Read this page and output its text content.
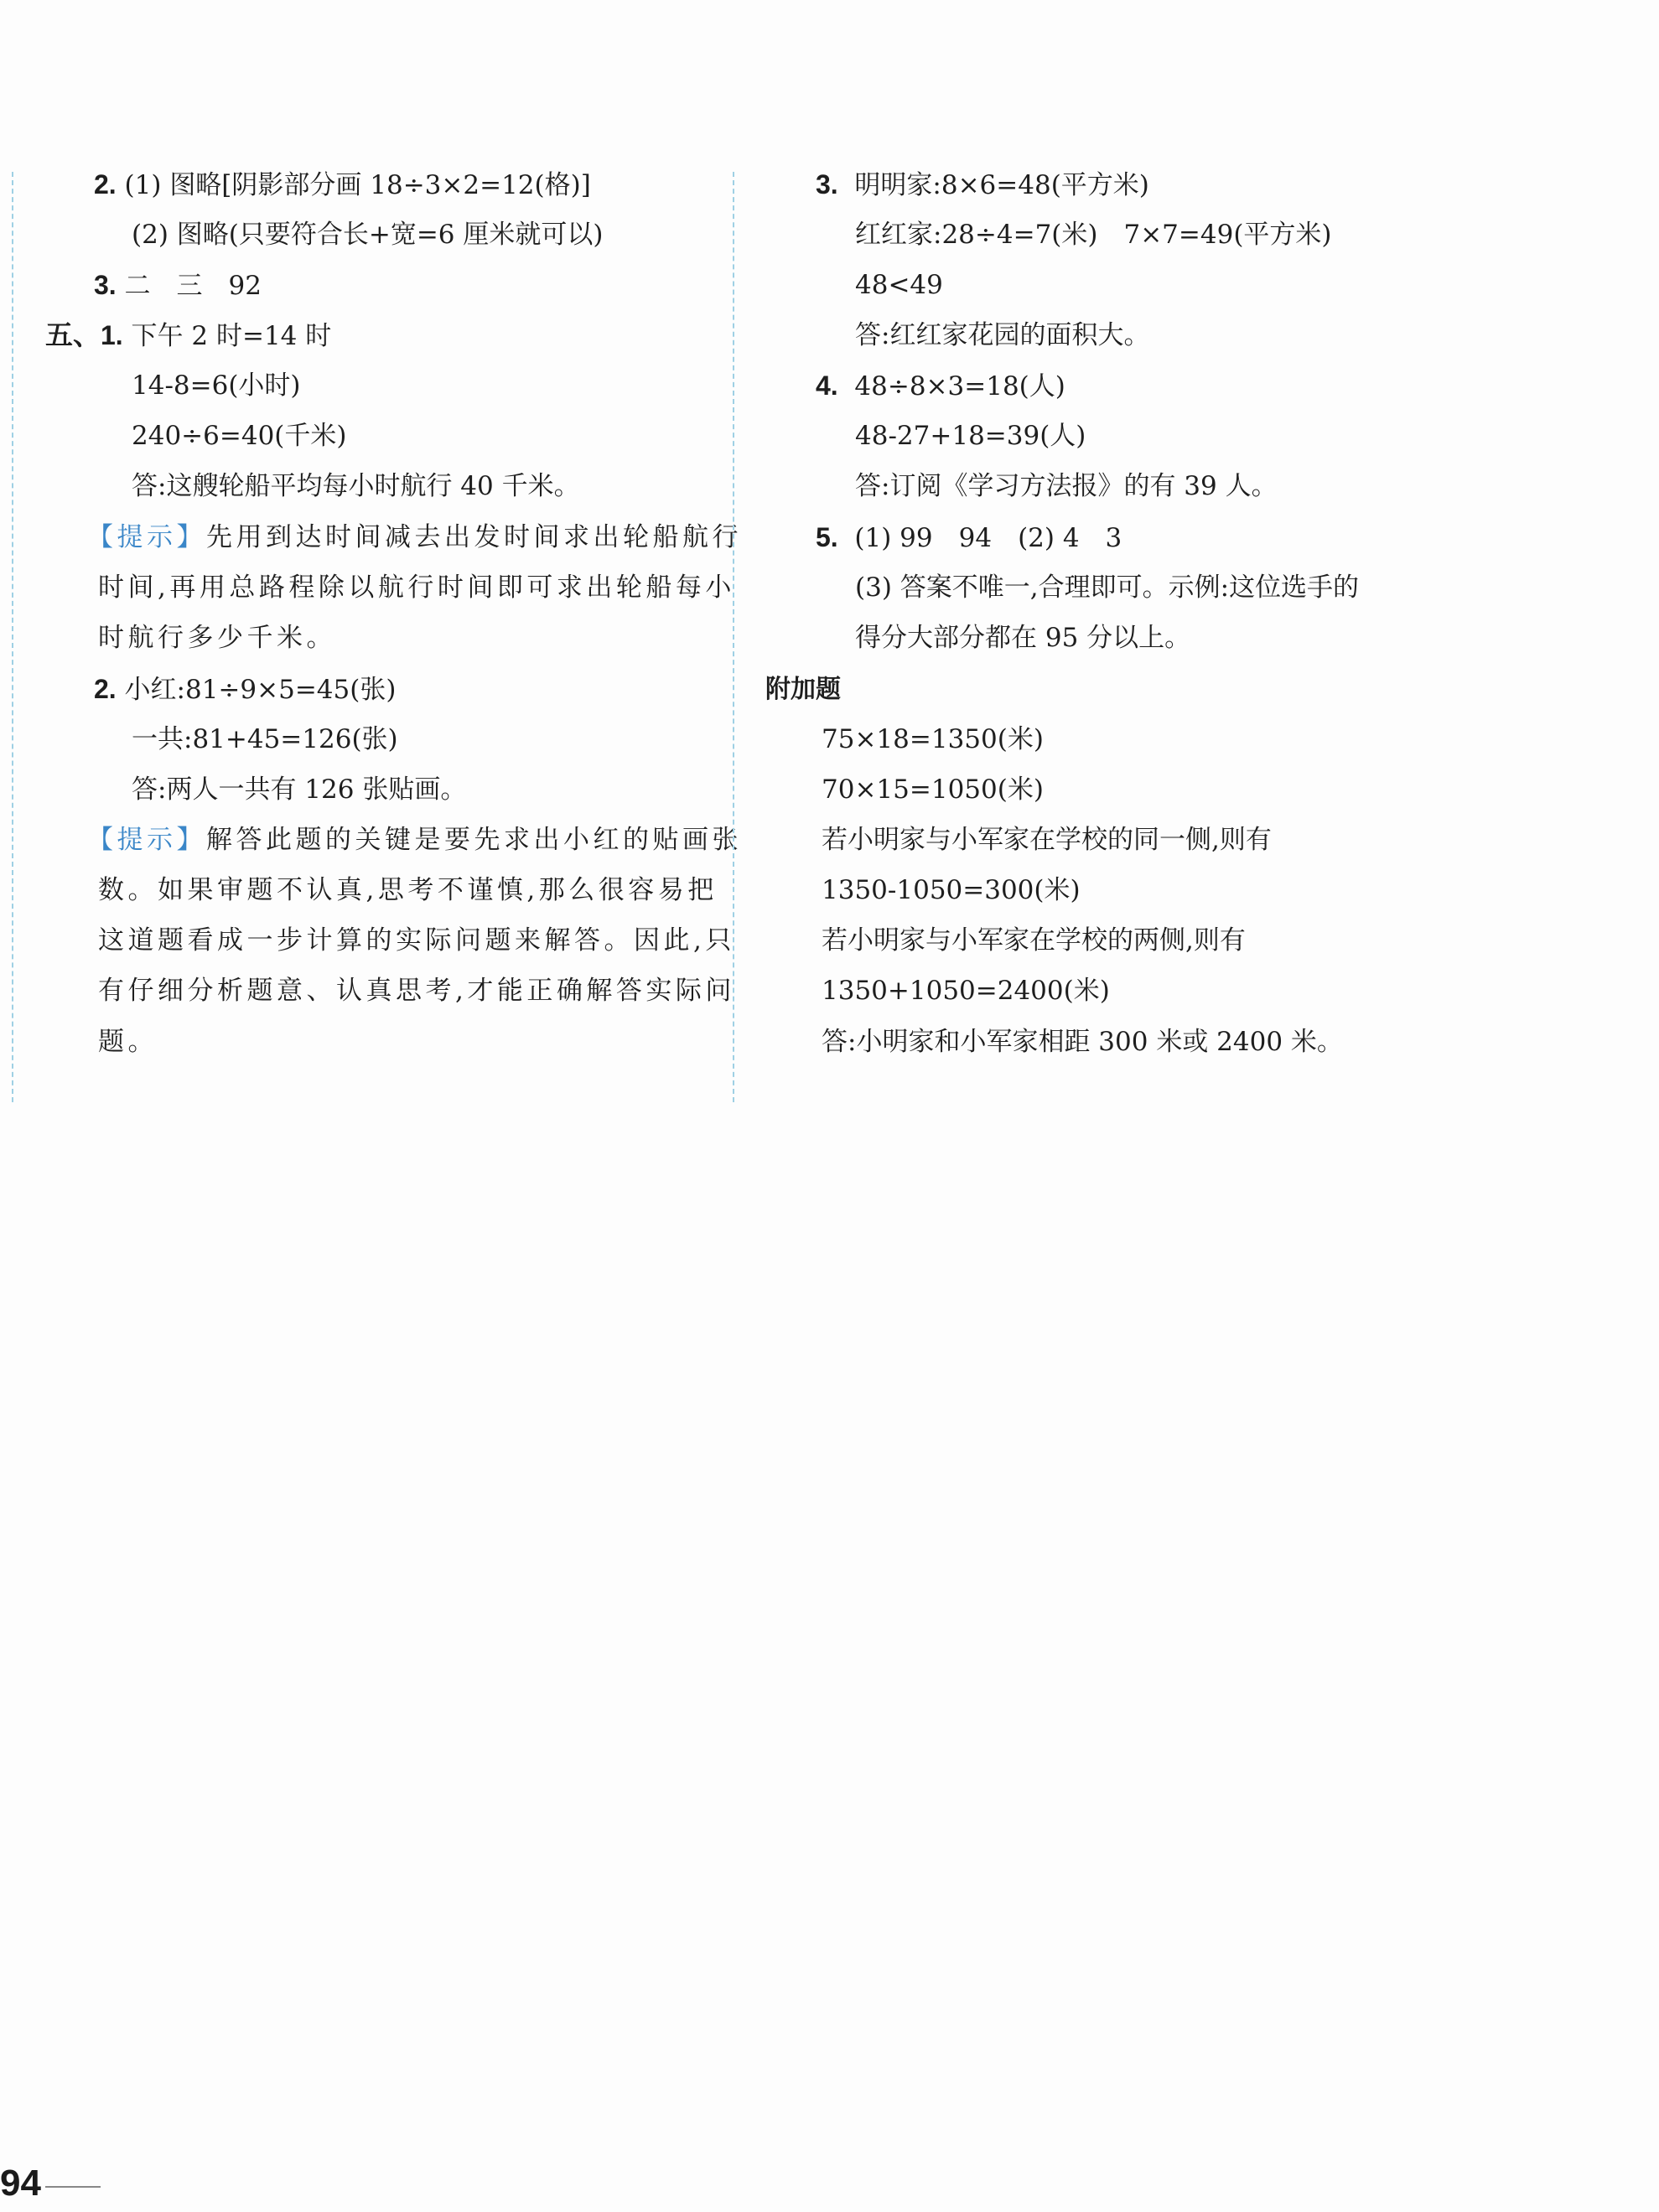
2. (1) 图略[阴影部分画 18÷3×2=12(格)]
(2) 图略(只要符合长+宽=6 厘米就可以)
3. 二　三　92
五、1. 下午 2 时=14 时
14-8=6(小时)
240÷6=40(千米)
答:这艘轮船平均每小时航行 40 千米。
【提示】先用到达时间减去出发时间求出轮船航行
时间,再用总路程除以航行时间即可求出轮船每小
时航行多少千米。
2. 小红:81÷9×5=45(张)
一共:81+45=126(张)
答:两人一共有 126 张贴画。
【提示】解答此题的关键是要先求出小红的贴画张
数。如果审题不认真,思考不谨慎,那么很容易把
这道题看成一步计算的实际问题来解答。因此,只
有仔细分析题意、认真思考,才能正确解答实际问
题。
3. 明明家:8×6=48(平方米)
红红家:28÷4=7(米)　7×7=49(平方米)
48<49
答:红红家花园的面积大。
4. 48÷8×3=18(人)
48-27+18=39(人)
答:订阅《学习方法报》的有 39 人。
5. (1) 99　94　(2) 4　3
(3) 答案不唯一,合理即可。示例:这位选手的
得分大部分都在 95 分以上。
附加题
75×18=1350(米)
70×15=1050(米)
若小明家与小军家在学校的同一侧,则有
1350-1050=300(米)
若小明家与小军家在学校的两侧,则有
1350+1050=2400(米)
答:小明家和小军家相距 300 米或 2400 米。
94
